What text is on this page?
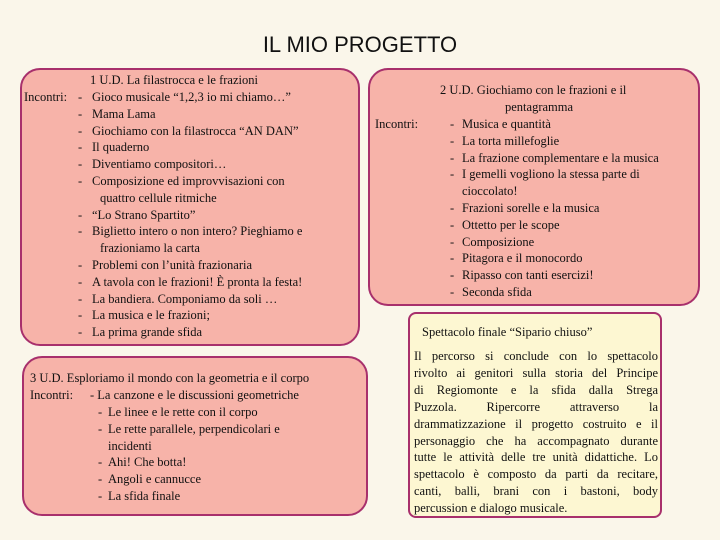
IL MIO PROGETTO
1 U.D. La filastrocca e le frazioni
Incontri: - Gioco musicale “1,2,3 io mi chiamo…”
- Mama Lama
- Giochiamo con la filastrocca “AN DAN”
- Il quaderno
- Diventiamo compositori…
- Composizione ed improvvisazioni con
quattro cellule ritmiche
- “Lo Strano Spartito”
- Biglietto intero o non intero? Pieghiamo e
frazioniamo la carta
- Problemi con l’unità frazionaria
- A tavola con le frazioni! È pronta la festa!
- La bandiera. Componiamo da soli …
- La musica e le frazioni;
- La prima grande sfida
2 U.D. Giochiamo con le frazioni e il
pentagramma
Incontri:	- Musica e quantità
- La torta millefoglie
- La frazione complementare e la musica
- I gemelli vogliono la stessa parte di
cioccolato!
- Frazioni sorelle e la musica
- Ottetto per le scope
- Composizione
- Pitagora e il monocordo
- Ripasso con tanti esercizi!
- Seconda sfida
3 U.D. Esploriamo il mondo con la geometria e il corpo
Incontri: - La canzone e le discussioni geometriche
- Le linee e le rette con il corpo
- Le rette parallele, perpendicolari e
incidenti
- Ahi! Che botta!
- Angoli e cannucce
- La sfida finale
Spettacolo finale “Sipario chiuso”
Il percorso si conclude con lo spettacolo
rivolto ai genitori sulla storia del Principe
di Regiomonte e la sfida dalla Strega
Puzzola. Ripercorre attraverso la
drammatizzazione il progetto costruito e il
personaggio che ha accompagnato durante
tutte le attività delle tre unità didattiche. Lo
spettacolo è composto da parti da recitare,
canti, balli, brani con i bastoni, body
percussion e dialogo musicale.
